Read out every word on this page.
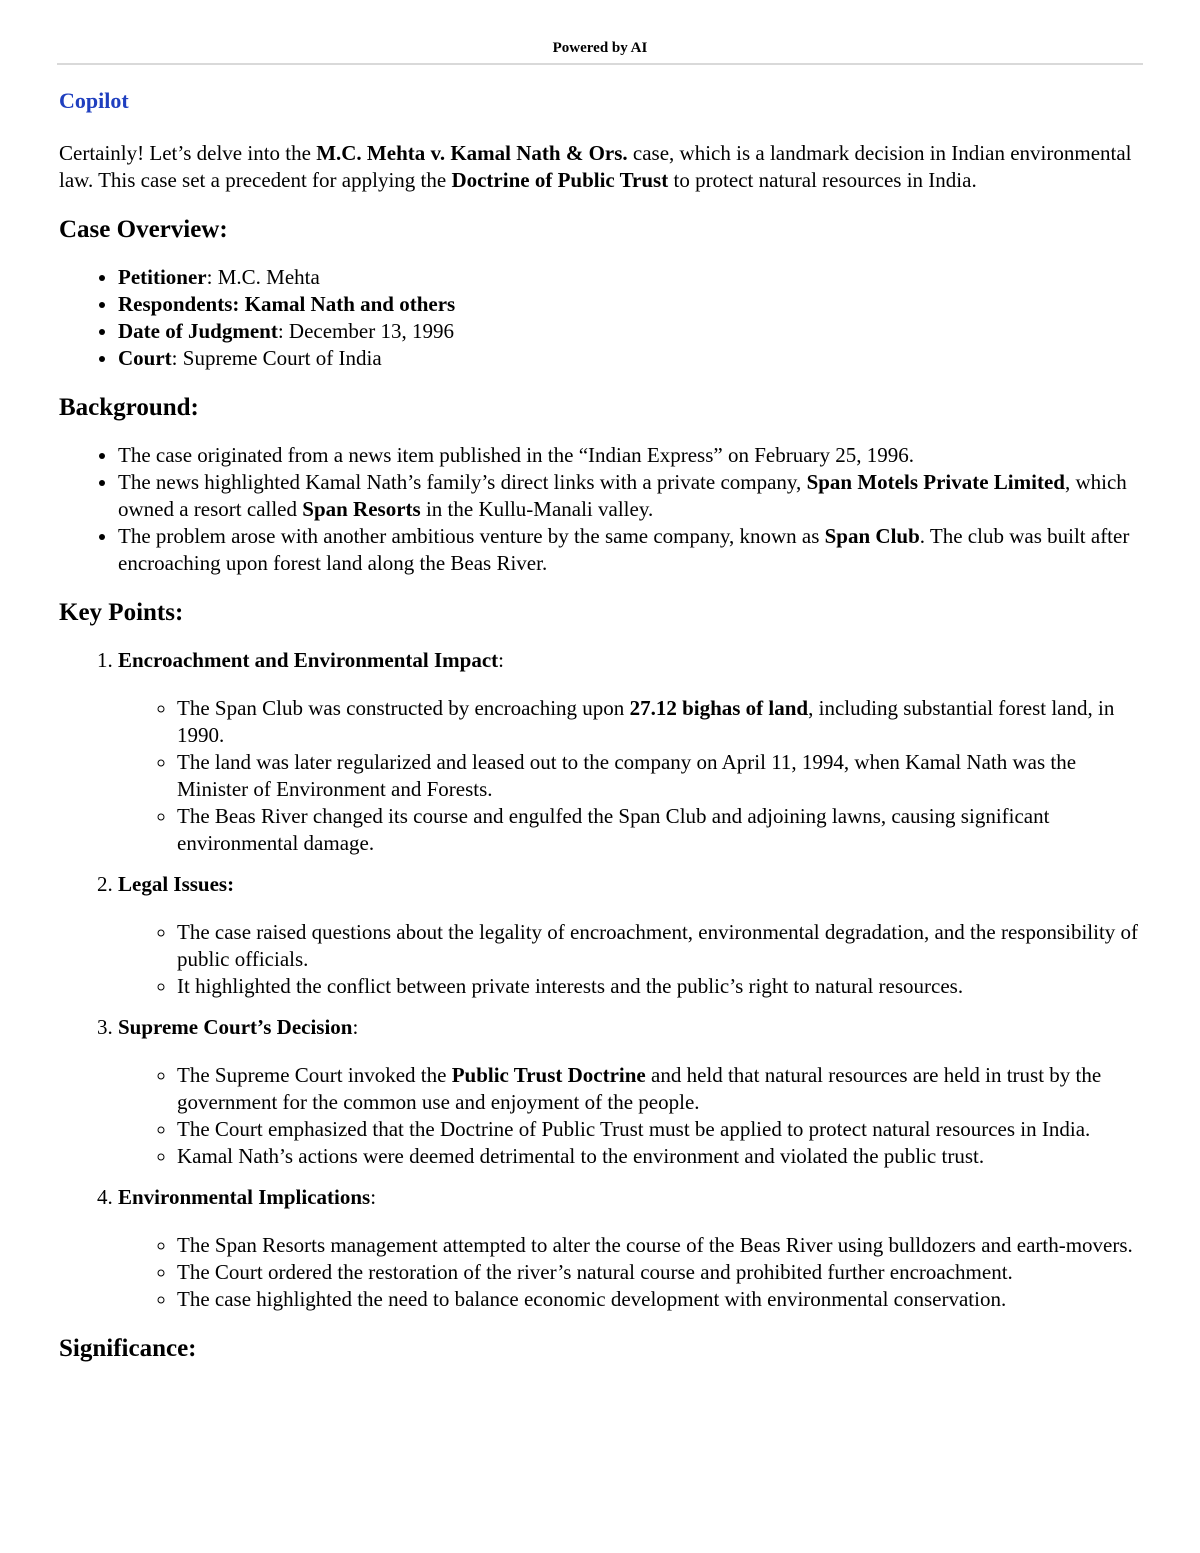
Powered by AI
Copilot

Certainly! Let’s delve into the M.C. Mehta v. Kamal Nath & Ors. case, which is a landmark decision in Indian environmental law. This case set a precedent for applying the Doctrine of Public Trust to protect natural resources in India.

Case Overview:
• Petitioner: M.C. Mehta
• Respondents: Kamal Nath and others
• Date of Judgment: December 13, 1996
• Court: Supreme Court of India
Background:
• The case originated from a news item published in the “Indian Express” on February 25, 1996.
• The news highlighted Kamal Nath’s family’s direct links with a private company, Span Motels Private Limited, which owned a resort called Span Resorts in the Kullu-Manali valley.
• The problem arose with another ambitious venture by the same company, known as Span Club. The club was built after encroaching upon forest land along the Beas River.
Key Points:
1. Encroachment and Environmental Impact:
◦ The Span Club was constructed by encroaching upon 27.12 bighas of land, including substantial forest land, in 1990.
◦ The land was later regularized and leased out to the company on April 11, 1994, when Kamal Nath was the Minister of Environment and Forests.
◦ The Beas River changed its course and engulfed the Span Club and adjoining lawns, causing significant environmental damage.
2. Legal Issues:
◦ The case raised questions about the legality of encroachment, environmental degradation, and the responsibility of public officials.
◦ It highlighted the conflict between private interests and the public’s right to natural resources.
3. Supreme Court’s Decision:
◦ The Supreme Court invoked the Public Trust Doctrine and held that natural resources are held in trust by the government for the common use and enjoyment of the people.
◦ The Court emphasized that the Doctrine of Public Trust must be applied to protect natural resources in India.
◦ Kamal Nath’s actions were deemed detrimental to the environment and violated the public trust.
4. Environmental Implications:
◦ The Span Resorts management attempted to alter the course of the Beas River using bulldozers and earth-movers.
◦ The Court ordered the restoration of the river’s natural course and prohibited further encroachment.
◦ The case highlighted the need to balance economic development with environmental conservation.
Significance:
